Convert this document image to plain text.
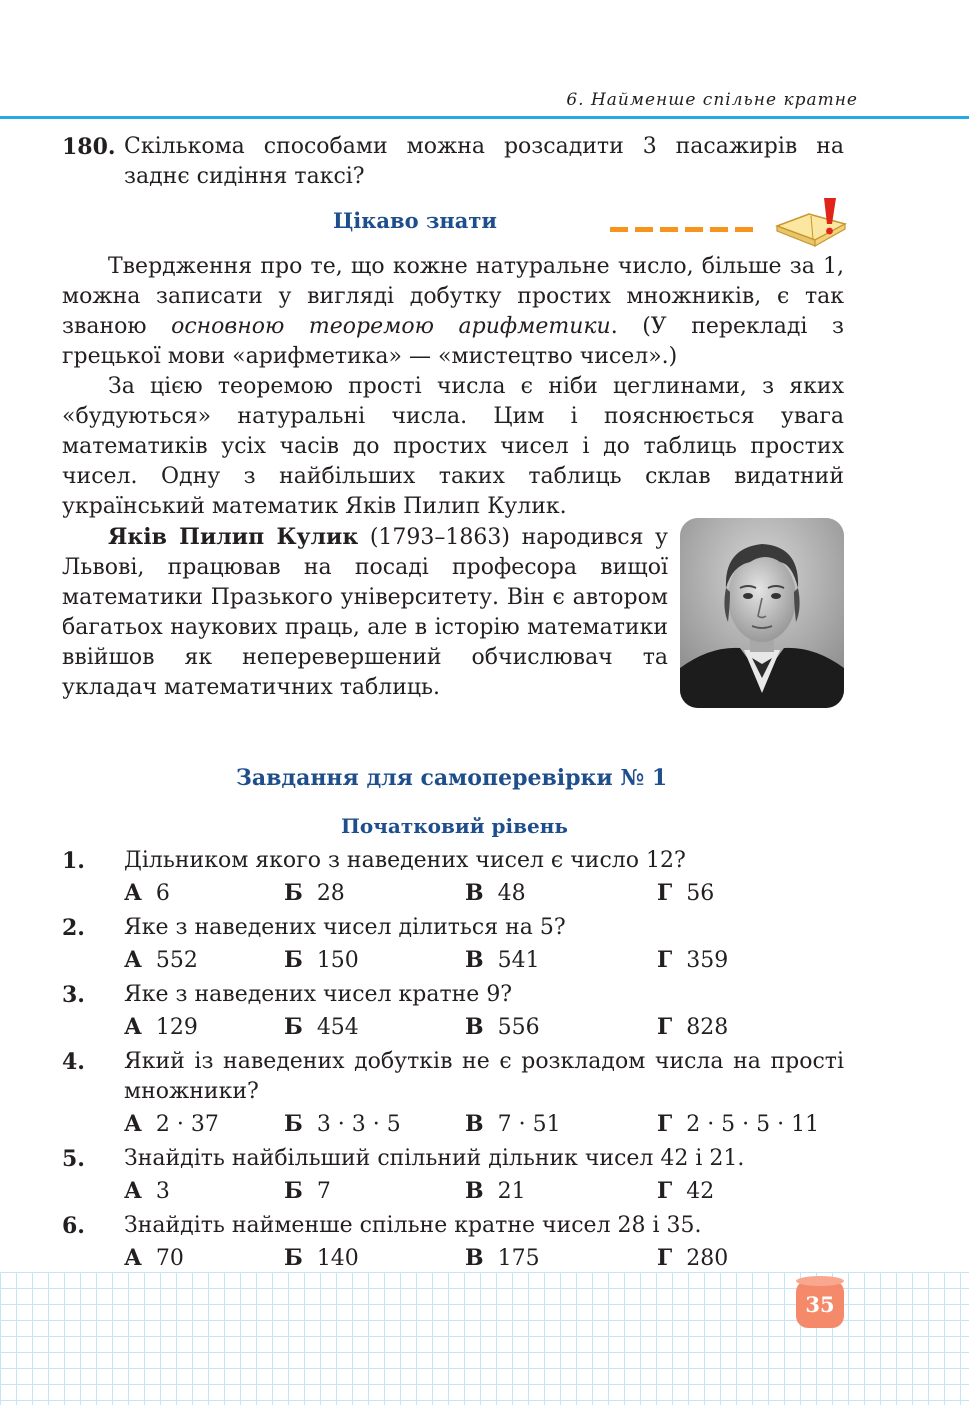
6. Найменше спільне кратне
180. Скількома способами можна розсадити 3 пасажирів на заднє сидіння таксі?
Цікаво знати
Твердження про те, що кожне натуральне число, більше за 1, можна записати у вигляді добутку простих множників, є так званою основною теоремою арифметики. (У перекладі з грецької мови «арифметика» — «мистецтво чисел».)
За цією теоремою прості числа є ніби цеглинами, з яких «будуються» натуральні числа. Цим і пояснюється увага математиків усіх часів до простих чисел і до таблиць простих чисел. Одну з найбільших таких таблиць склав видатний український математик Яків Пилип Кулик.
Яків Пилип Кулик (1793–1863) народився у Львові, працював на посаді професора вищої математики Празького університету. Він є автором багатьох наукових праць, але в історію математики ввійшов як неперевершений обчислювач та укладач математичних таблиць.
Завдання для самоперевірки № 1
Початковий рівень
1. Дільником якого з наведених чисел є число 12?
А 6	Б 28	В 48	Г 56
2. Яке з наведених чисел ділиться на 5?
А 552	Б 150	В 541	Г 359
3. Яке з наведених чисел кратне 9?
А 129	Б 454	В 556	Г 828
4. Який із наведених добутків не є розкладом числа на прості множники?
А 2 · 37	Б 3 · 3 · 5	В 7 · 51	Г 2 · 5 · 5 · 11
5. Знайдіть найбільший спільний дільник чисел 42 і 21.
А 3	Б 7	В 21	Г 42
6. Знайдіть найменше спільне кратне чисел 28 і 35.
А 70	Б 140	В 175	Г 280
35
